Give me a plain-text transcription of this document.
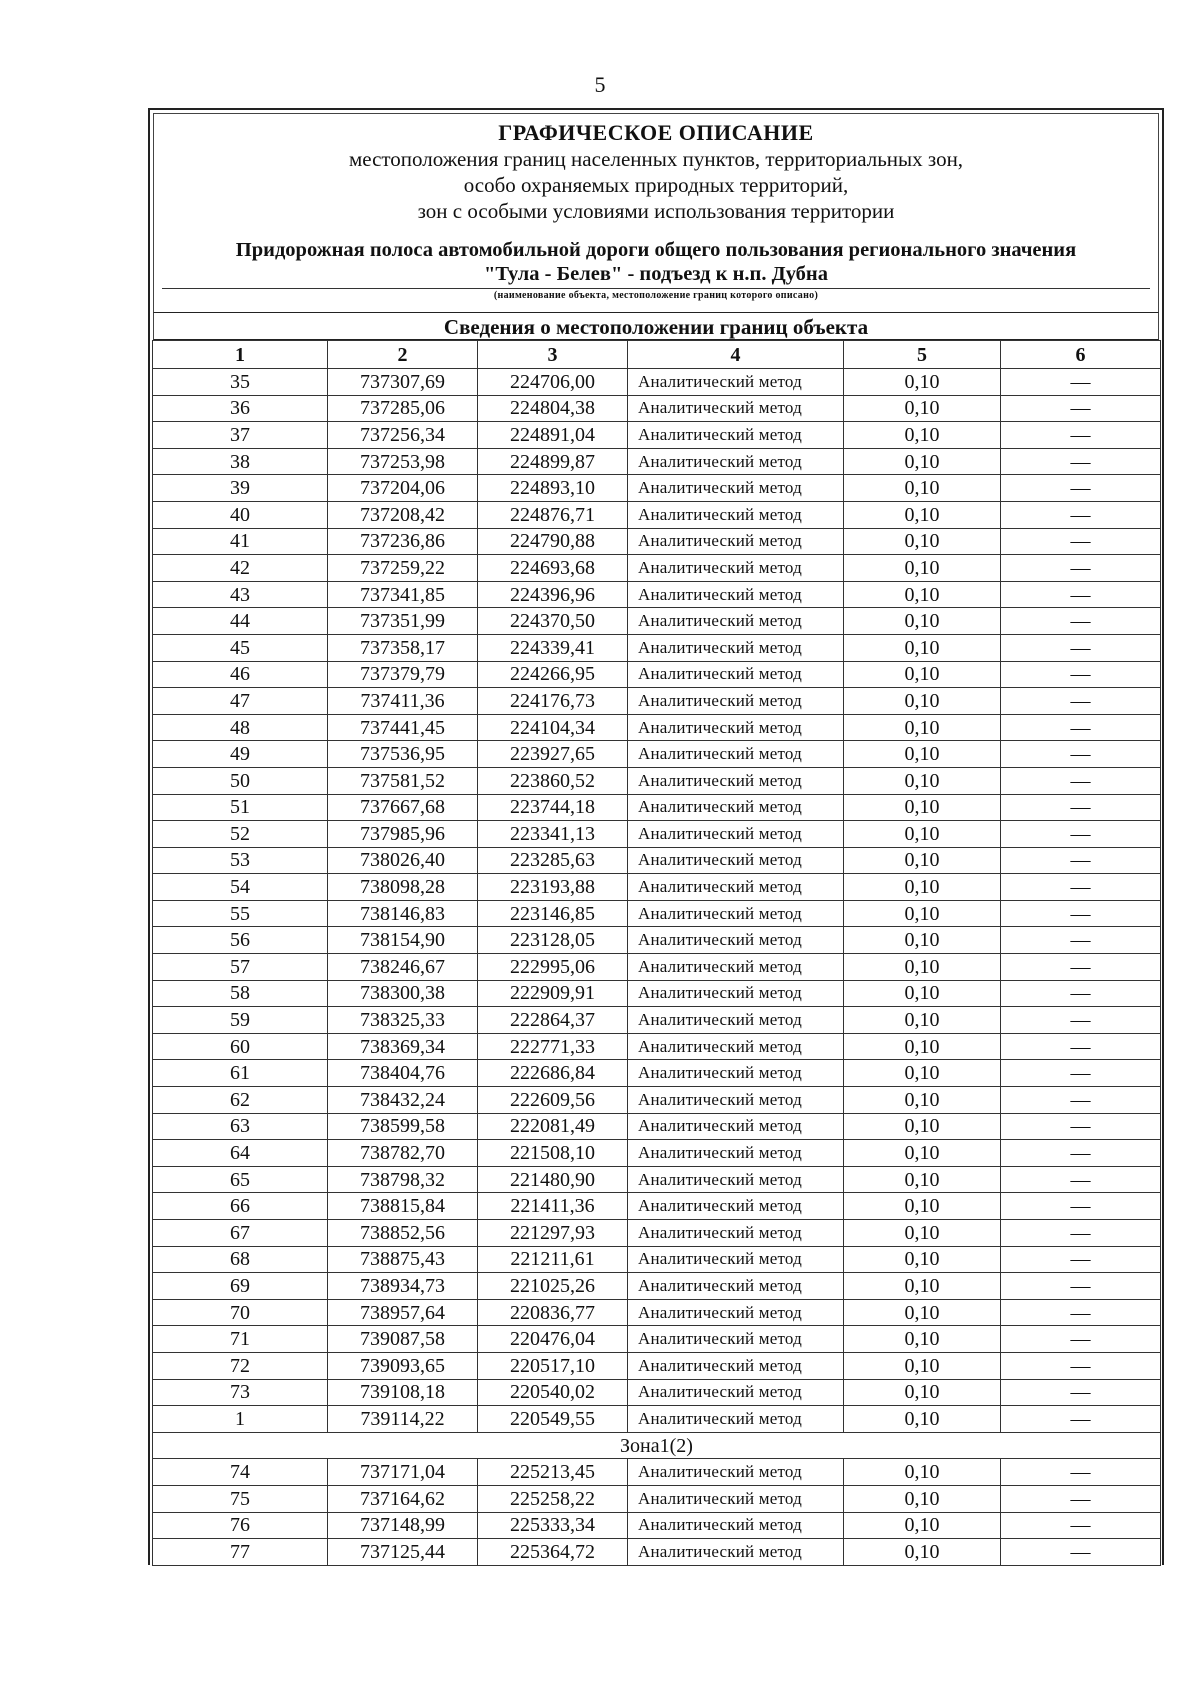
5
ГРАФИЧЕСКОЕ ОПИСАНИЕ
местоположения границ населенных пунктов, территориальных зон,
особо охраняемых природных территорий,
зон с особыми условиями использования территории
Придорожная полоса автомобильной дороги общего пользования регионального значения
"Тула - Белев" - подъезд к н.п. Дубна
(наименование объекта, местоположение границ которого описано)
Сведения о местоположении границ объекта
1	2	3	4	5	6
35	737307,69	224706,00	Аналитический метод	0,10	—
36	737285,06	224804,38	Аналитический метод	0,10	—
37	737256,34	224891,04	Аналитический метод	0,10	—
38	737253,98	224899,87	Аналитический метод	0,10	—
39	737204,06	224893,10	Аналитический метод	0,10	—
40	737208,42	224876,71	Аналитический метод	0,10	—
41	737236,86	224790,88	Аналитический метод	0,10	—
42	737259,22	224693,68	Аналитический метод	0,10	—
43	737341,85	224396,96	Аналитический метод	0,10	—
44	737351,99	224370,50	Аналитический метод	0,10	—
45	737358,17	224339,41	Аналитический метод	0,10	—
46	737379,79	224266,95	Аналитический метод	0,10	—
47	737411,36	224176,73	Аналитический метод	0,10	—
48	737441,45	224104,34	Аналитический метод	0,10	—
49	737536,95	223927,65	Аналитический метод	0,10	—
50	737581,52	223860,52	Аналитический метод	0,10	—
51	737667,68	223744,18	Аналитический метод	0,10	—
52	737985,96	223341,13	Аналитический метод	0,10	—
53	738026,40	223285,63	Аналитический метод	0,10	—
54	738098,28	223193,88	Аналитический метод	0,10	—
55	738146,83	223146,85	Аналитический метод	0,10	—
56	738154,90	223128,05	Аналитический метод	0,10	—
57	738246,67	222995,06	Аналитический метод	0,10	—
58	738300,38	222909,91	Аналитический метод	0,10	—
59	738325,33	222864,37	Аналитический метод	0,10	—
60	738369,34	222771,33	Аналитический метод	0,10	—
61	738404,76	222686,84	Аналитический метод	0,10	—
62	738432,24	222609,56	Аналитический метод	0,10	—
63	738599,58	222081,49	Аналитический метод	0,10	—
64	738782,70	221508,10	Аналитический метод	0,10	—
65	738798,32	221480,90	Аналитический метод	0,10	—
66	738815,84	221411,36	Аналитический метод	0,10	—
67	738852,56	221297,93	Аналитический метод	0,10	—
68	738875,43	221211,61	Аналитический метод	0,10	—
69	738934,73	221025,26	Аналитический метод	0,10	—
70	738957,64	220836,77	Аналитический метод	0,10	—
71	739087,58	220476,04	Аналитический метод	0,10	—
72	739093,65	220517,10	Аналитический метод	0,10	—
73	739108,18	220540,02	Аналитический метод	0,10	—
1	739114,22	220549,55	Аналитический метод	0,10	—
Зона1(2)					
74	737171,04	225213,45	Аналитический метод	0,10	—
75	737164,62	225258,22	Аналитический метод	0,10	—
76	737148,99	225333,34	Аналитический метод	0,10	—
77	737125,44	225364,72	Аналитический метод	0,10	—
